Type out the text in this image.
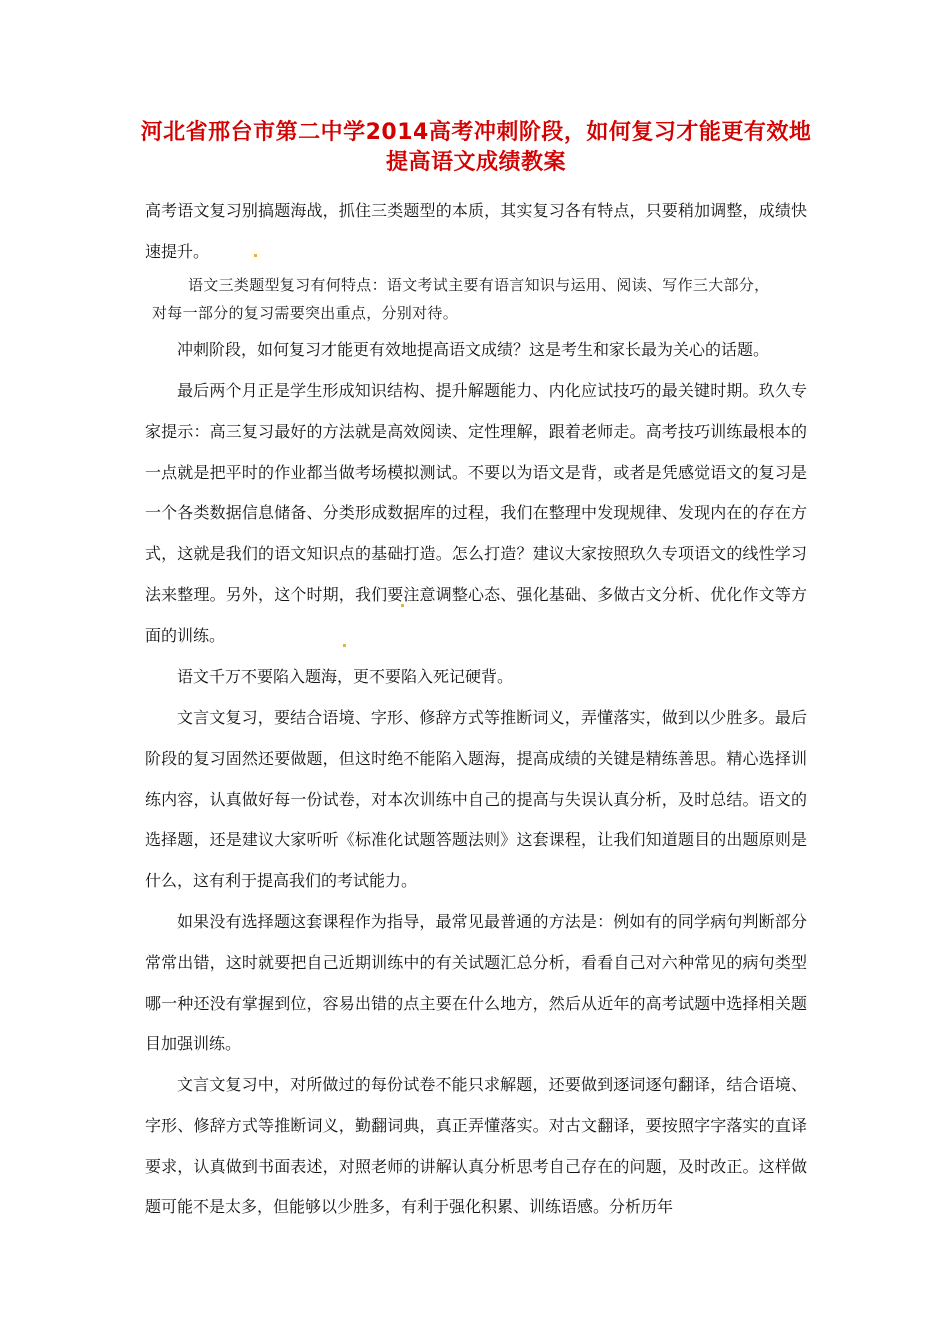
河北省邢台市第二中学2014高考冲刺阶段，如何复习才能更有效地
提高语文成绩教案

高考语文复习别搞题海战，抓住三类题型的本质，其实复习各有特点，只要稍加调整，成绩快速提升。

语文三类题型复习有何特点：语文考试主要有语言知识与运用、阅读、写作三大部分，
对每一部分的复习需要突出重点，分别对待。

冲刺阶段，如何复习才能更有效地提高语文成绩？这是考生和家长最为关心的话题。

最后两个月正是学生形成知识结构、提升解题能力、内化应试技巧的最关键时期。玖久专家提示：高三复习最好的方法就是高效阅读、定性理解，跟着老师走。高考技巧训练最根本的一点就是把平时的作业都当做考场模拟测试。不要以为语文是背，或者是凭感觉语文的复习是一个各类数据信息储备、分类形成数据库的过程，我们在整理中发现规律、发现内在的存在方式，这就是我们的语文知识点的基础打造。怎么打造？建议大家按照玖久专项语文的线性学习法来整理。另外，这个时期，我们要注意调整心态、强化基础、多做古文分析、优化作文等方面的训练。

语文千万不要陷入题海，更不要陷入死记硬背。

文言文复习，要结合语境、字形、修辞方式等推断词义，弄懂落实，做到以少胜多。最后阶段的复习固然还要做题，但这时绝不能陷入题海，提高成绩的关键是精练善思。精心选择训练内容，认真做好每一份试卷，对本次训练中自己的提高与失误认真分析，及时总结。语文的选择题，还是建议大家听听《标准化试题答题法则》这套课程，让我们知道题目的出题原则是什么，这有利于提高我们的考试能力。

如果没有选择题这套课程作为指导，最常见最普通的方法是：例如有的同学病句判断部分常常出错，这时就要把自己近期训练中的有关试题汇总分析，看看自己对六种常见的病句类型哪一种还没有掌握到位，容易出错的点主要在什么地方，然后从近年的高考试题中选择相关题目加强训练。

文言文复习中，对所做过的每份试卷不能只求解题，还要做到逐词逐句翻译，结合语境、字形、修辞方式等推断词义，勤翻词典，真正弄懂落实。对古文翻译，要按照字字落实的直译要求，认真做到书面表述，对照老师的讲解认真分析思考自己存在的问题，及时改正。这样做题可能不是太多，但能够以少胜多，有利于强化积累、训练语感。分析历年
